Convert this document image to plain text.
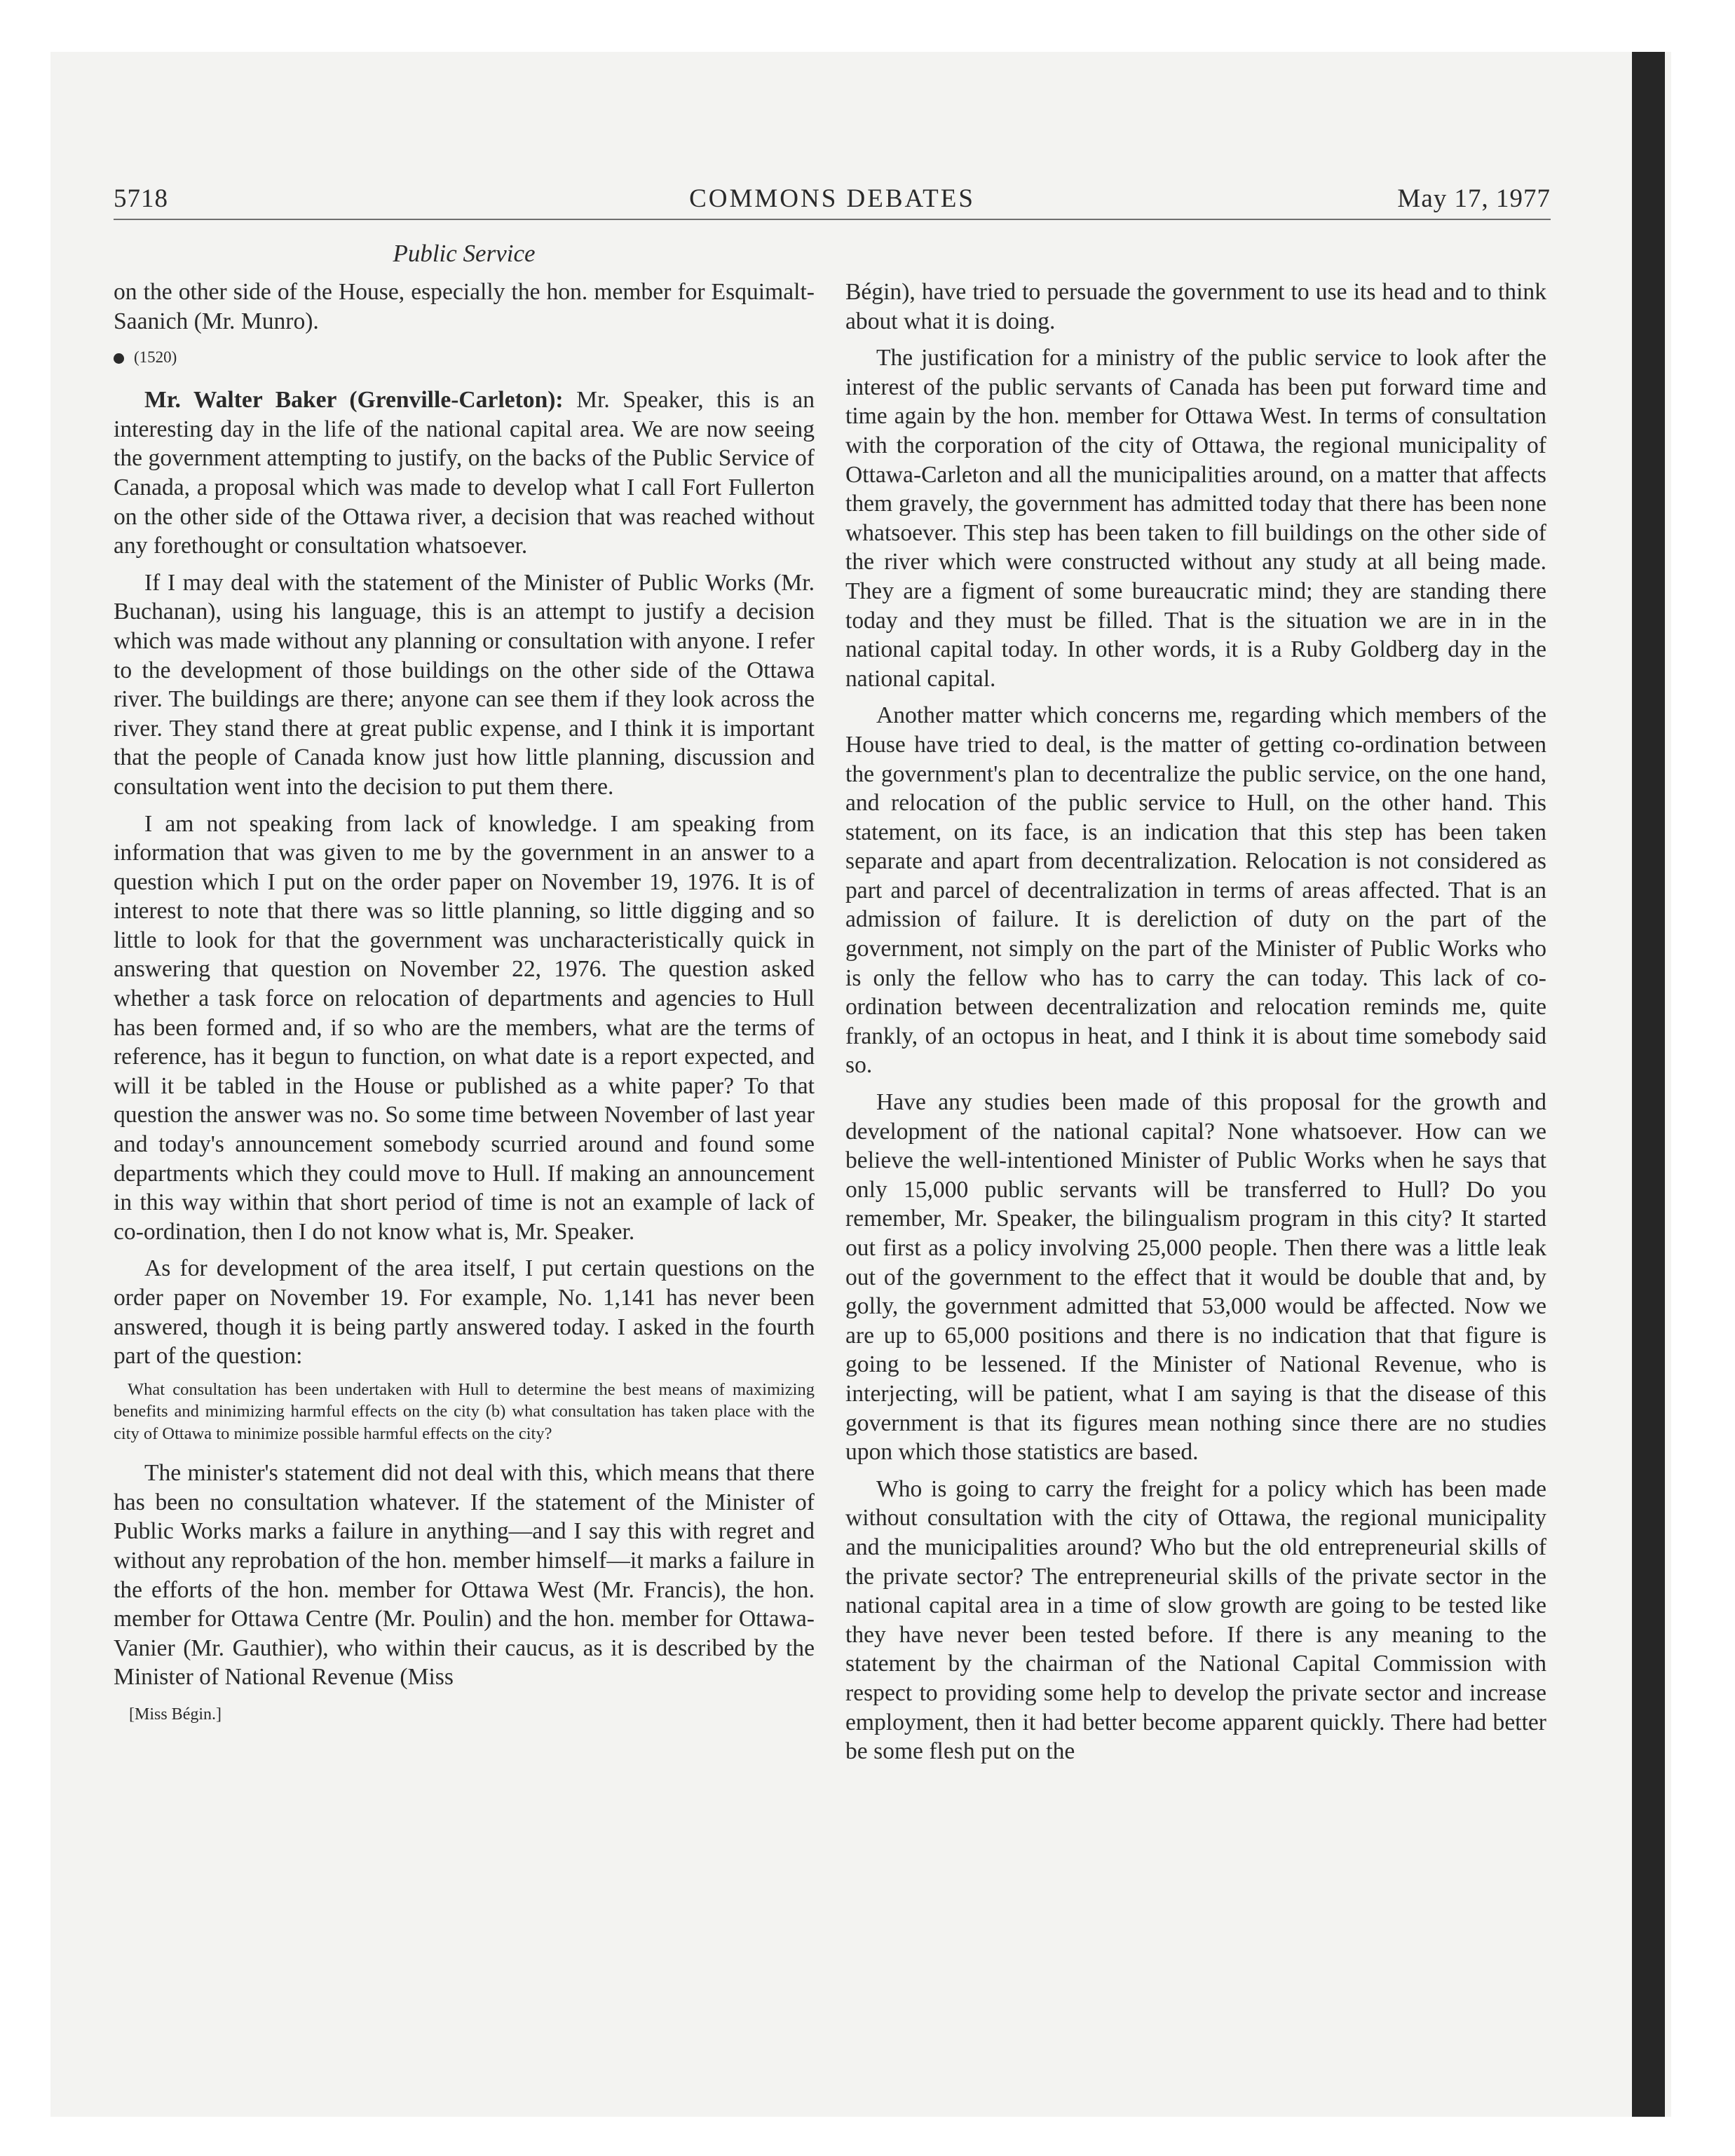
5718	COMMONS DEBATES	May 17, 1977
Public Service

on the other side of the House, especially the hon. member for Esquimalt-Saanich (Mr. Munro).

(1520)

Mr. Walter Baker (Grenville-Carleton): Mr. Speaker, this is an interesting day in the life of the national capital area. We are now seeing the government attempting to justify, on the backs of the Public Service of Canada, a proposal which was made to develop what I call Fort Fullerton on the other side of the Ottawa river, a decision that was reached without any forethought or consultation whatsoever.

If I may deal with the statement of the Minister of Public Works (Mr. Buchanan), using his language, this is an attempt to justify a decision which was made without any planning or consultation with anyone. I refer to the development of those buildings on the other side of the Ottawa river. The buildings are there; anyone can see them if they look across the river. They stand there at great public expense, and I think it is important that the people of Canada know just how little planning, discussion and consultation went into the decision to put them there.

I am not speaking from lack of knowledge. I am speaking from information that was given to me by the government in an answer to a question which I put on the order paper on November 19, 1976. It is of interest to note that there was so little planning, so little digging and so little to look for that the government was uncharacteristically quick in answering that question on November 22, 1976. The question asked whether a task force on relocation of departments and agencies to Hull has been formed and, if so who are the members, what are the terms of reference, has it begun to function, on what date is a report expected, and will it be tabled in the House or published as a white paper? To that question the answer was no. So some time between November of last year and today's announcement somebody scurried around and found some departments which they could move to Hull. If making an announcement in this way within that short period of time is not an example of lack of co-ordination, then I do not know what is, Mr. Speaker.

As for development of the area itself, I put certain questions on the order paper on November 19. For example, No. 1,141 has never been answered, though it is being partly answered today. I asked in the fourth part of the question:

What consultation has been undertaken with Hull to determine the best means of maximizing benefits and minimizing harmful effects on the city (b) what consultation has taken place with the city of Ottawa to minimize possible harmful effects on the city?

The minister's statement did not deal with this, which means that there has been no consultation whatever. If the statement of the Minister of Public Works marks a failure in anything—and I say this with regret and without any reprobation of the hon. member himself—it marks a failure in the efforts of the hon. member for Ottawa West (Mr. Francis), the hon. member for Ottawa Centre (Mr. Poulin) and the hon. member for Ottawa-Vanier (Mr. Gauthier), who within their caucus, as it is described by the Minister of National Revenue (Miss

[Miss Bégin.]

Bégin), have tried to persuade the government to use its head and to think about what it is doing.

The justification for a ministry of the public service to look after the interest of the public servants of Canada has been put forward time and time again by the hon. member for Ottawa West. In terms of consultation with the corporation of the city of Ottawa, the regional municipality of Ottawa-Carleton and all the municipalities around, on a matter that affects them gravely, the government has admitted today that there has been none whatsoever. This step has been taken to fill buildings on the other side of the river which were constructed without any study at all being made. They are a figment of some bureaucratic mind; they are standing there today and they must be filled. That is the situation we are in in the national capital today. In other words, it is a Ruby Goldberg day in the national capital.

Another matter which concerns me, regarding which members of the House have tried to deal, is the matter of getting co-ordination between the government's plan to decentralize the public service, on the one hand, and relocation of the public service to Hull, on the other hand. This statement, on its face, is an indication that this step has been taken separate and apart from decentralization. Relocation is not considered as part and parcel of decentralization in terms of areas affected. That is an admission of failure. It is dereliction of duty on the part of the government, not simply on the part of the Minister of Public Works who is only the fellow who has to carry the can today. This lack of co-ordination between decentralization and relocation reminds me, quite frankly, of an octopus in heat, and I think it is about time somebody said so.

Have any studies been made of this proposal for the growth and development of the national capital? None whatsoever. How can we believe the well-intentioned Minister of Public Works when he says that only 15,000 public servants will be transferred to Hull? Do you remember, Mr. Speaker, the bilingualism program in this city? It started out first as a policy involving 25,000 people. Then there was a little leak out of the government to the effect that it would be double that and, by golly, the government admitted that 53,000 would be affected. Now we are up to 65,000 positions and there is no indication that that figure is going to be lessened. If the Minister of National Revenue, who is interjecting, will be patient, what I am saying is that the disease of this government is that its figures mean nothing since there are no studies upon which those statistics are based.

Who is going to carry the freight for a policy which has been made without consultation with the city of Ottawa, the regional municipality and the municipalities around? Who but the old entrepreneurial skills of the private sector? The entrepreneurial skills of the private sector in the national capital area in a time of slow growth are going to be tested like they have never been tested before. If there is any meaning to the statement by the chairman of the National Capital Commission with respect to providing some help to develop the private sector and increase employment, then it had better become apparent quickly. There had better be some flesh put on the
